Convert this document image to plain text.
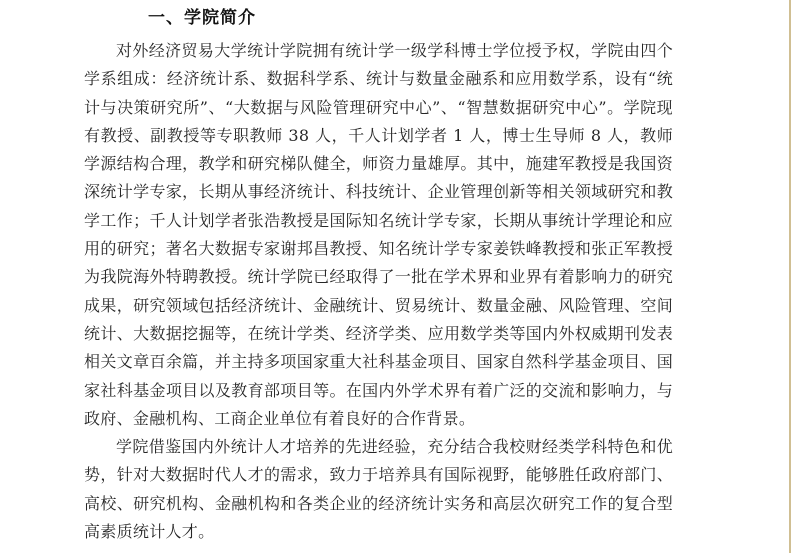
一、学院简介

对外经济贸易大学统计学院拥有统计学一级学科博士学位授予权，学院由四个学系组成：经济统计系、数据科学系、统计与数量金融系和应用数学系，设有“统计与决策研究所”、“大数据与风险管理研究中心”、“智慧数据研究中心”。学院现有教授、副教授等专职教师 38 人，千人计划学者 1 人，博士生导师 8 人，教师学源结构合理，教学和研究梯队健全，师资力量雄厚。其中，施建军教授是我国资深统计学专家，长期从事经济统计、科技统计、企业管理创新等相关领域研究和教学工作；千人计划学者张浩教授是国际知名统计学专家，长期从事统计学理论和应用的研究；著名大数据专家谢邦昌教授、知名统计学专家姜铁峰教授和张正军教授为我院海外特聘教授。统计学院已经取得了一批在学术界和业界有着影响力的研究成果，研究领域包括经济统计、金融统计、贸易统计、数量金融、风险管理、空间统计、大数据挖掘等，在统计学类、经济学类、应用数学类等国内外权威期刊发表相关文章百余篇，并主持多项国家重大社科基金项目、国家自然科学基金项目、国家社科基金项目以及教育部项目等。在国内外学术界有着广泛的交流和影响力，与政府、金融机构、工商企业单位有着良好的合作背景。

学院借鉴国内外统计人才培养的先进经验，充分结合我校财经类学科特色和优势，针对大数据时代人才的需求，致力于培养具有国际视野，能够胜任政府部门、高校、研究机构、金融机构和各类企业的经济统计实务和高层次研究工作的复合型高素质统计人才。
